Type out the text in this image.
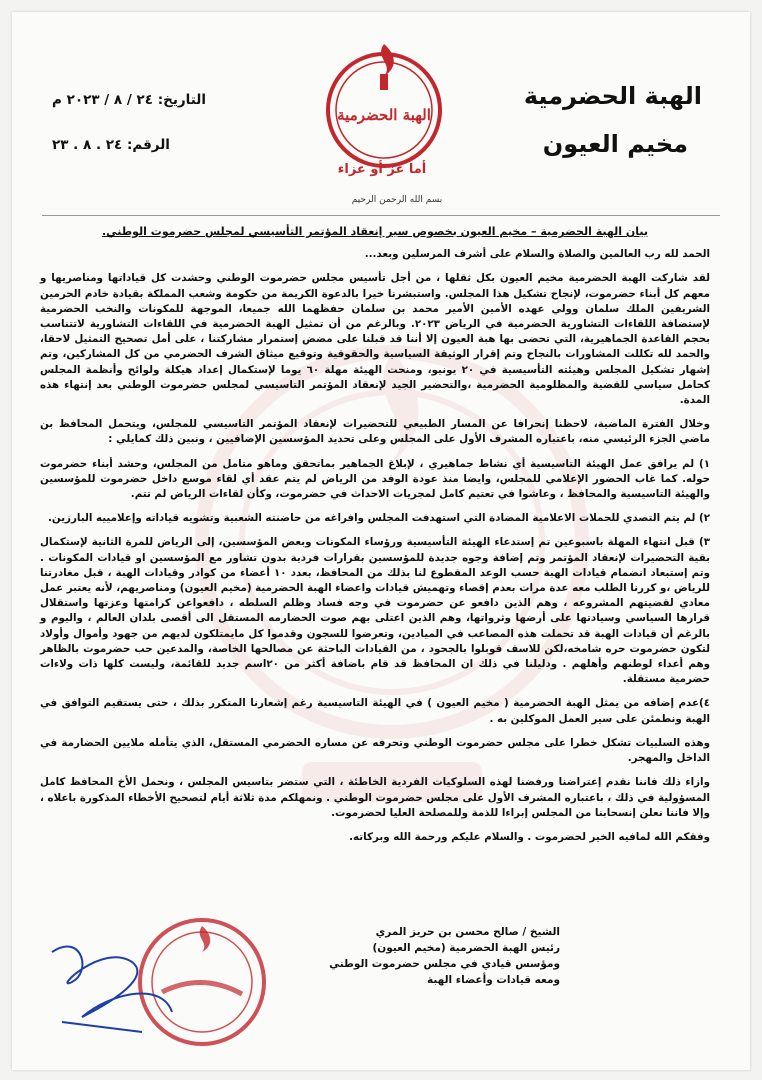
الهبة الحضرمية
مخيم العيون
التاريخ: ٢٤ / ٨ / ٢٠٢٣ م
الرقم: ٢٤ . ٨ . ٢٣
الهبة الحضرمية
أما عز أو عزاء
بسم الله الرحمن الرحيم
بيان الهبة الحضرمية – مخيم العيون بخصوص سير إنعقاد المؤتمر التأسيسي لمجلس حضرموت الوطني.

الحمد لله رب العالمين والصلاة والسلام على أشرف المرسلين وبعد...

لقد شاركت الهبة الحضرمية مخيم العيون بكل ثقلها ، من أجل تأسيس مجلس حضرموت الوطني وحشدت كل قياداتها ومناصريها و معهم كل أبناء حضرموت، لإنجاح تشكيل هذا المجلس. واستبشرنا خيرا بالدعوة الكريمة من حكومة وشعب المملكة بقيادة خادم الحرمين الشريفين الملك سلمان وولي عهده الأمين الأمير محمد بن سلمان حفظهما الله جميعا، الموجهة للمكونات والنخب الحضرمية لإستضافة اللقاءات التشاورية الحضرمية في الرياض ٢٠٢٣. وبالرغم من أن تمثيل الهبة الحضرمية في اللقاءات التشاورية لاتتناسب بحجم القاعدة الجماهيرية، التي تحضى بها هبة العيون إلا أننا قد قبلنا على مضض إستمرار مشاركتنا ، على أمل تصحيح التمثيل لاحقا، والحمد لله تكللت المشاورات بالنجاح وتم إقرار الوثيقة السياسية والحقوقية وتوقيع ميثاق الشرف الحضرمي من كل المشاركين، وتم إشهار تشكيل المجلس وهيئته التأسيسية في ٢٠ يونيو، ومنحت الهيئة مهلة ٦٠ يوما لإستكمال إعداد هيكلة ولوائح وأنظمة المجلس كحامل سياسي للقضية والمظلومية الحضرمية ،والتحضير الجيد لإنعقاد المؤتمر التاسيسي لمجلس حضرموت الوطني بعد إنتهاء هذه المدة.

وخلال الفترة الماضية، لاحظنا إنحرافا عن المسار الطبيعي للتحضيرات لإنعقاد المؤتمر التاسيسي للمجلس، ويتحمل المحافظ بن ماضي الجزء الرئيسي منه، باعتباره المشرف الأول على المجلس وعلى تحديد المؤسسين الإضافيين ، ونبين ذلك كمايلي :

١) لم يرافق عمل الهيئة التاسيسية أي نشاط جماهيري ، لإبلاغ الجماهير بماتحقق وماهو متامل من المجلس، وحشد أبناء حضرموت حوله. كما غاب الحضور الإعلامي للمجلس، وايضا منذ عودة الوفد من الرياض لم يتم عقد أي لقاء موسع داخل حضرموت للمؤسسين والهيئة التاسيسية والمحافظ ، وعاشوا في تعتيم كامل لمجريات الاحداث في حضرموت، وكأن لقاءات الرياض لم تتم.

٢) لم يتم التصدي للحملات الاعلامية المضادة التي استهدفت المجلس وافراغه من حاضنته الشعبية وتشويه قياداته وإعلامييه البارزين.

٣) قبل انتهاء المهلة باسبوعين تم إستدعاء الهيئة التأسيسية ورؤساء المكونات وبعض المؤسسين، إلى الرياض للمرة الثانية لإستكمال بقية التحضيرات لإنعقاد المؤتمر وتم إضافة وجوه جديدة للمؤسسين بقرارات فردية بدون تشاور مع المؤسسين او قيادات المكونات . وتم إستبعاد انضمام قيادات الهبة حسب الوعد المقطوع لنا بذلك من المحافظ، بعدد ١٠ أعضاء من كوادر وقيادات الهبة ، قبل مغادرتنا للرياض ،و كررنا الطلب معه عدة مرات بعدم إقصاء وتهميش قيادات واعضاء الهبة الحضرمية (مخيم العيون) ومناصريهم، لأنه يعتبر عمل معادي لقضيتهم المشروعه ، وهم الذين دافعو عن حضرموت في وجه فساد وظلم السلطه ، دافعواعن كرامتها وعزتها واستقلال قرارها السياسي وسيادتها على أرضها وثرواتها، وهم الذين اعتلى بهم صوت الحضارمه المستقل الى أقصى بلدان العالم ، واليوم و بالرغم أن قيادات الهبة قد تحملت هذه المصاعب في الميادين، وتعرضوا للسجون وقدموا كل مايمتلكون لديهم من جهود وأموال وأولاد لتكون حضرموت حره شامخه،لكن للاسف قوبلوا بالجحود ، من القيادات الباحثة عن مصالحها الخاصة، والمدعين حب حضرموت بالظاهر وهم أعداء لوطنهم وأهلهم . ودليلنا في ذلك ان المحافظ قد قام باضافة أكثر من ٢٠اسم جديد للقائمة، وليست كلها ذات ولاءات حضرمية مستقلة.

٤)عدم إضافه من يمثل الهبة الحضرمية ( مخيم العيون ) في الهيئة التاسيسية رغم إشعارنا المتكرر بذلك ، حتى يستقيم التوافق في الهبة ونطمئن على سير العمل الموكلين به .

وهذه السلبيات تشكل خطرا على مجلس حضرموت الوطني وتحرفه عن مساره الحضرمي المستقل، الذي يتأمله ملايين الحضارمة في الداخل والمهجر.

وازاء ذلك فاننا نقدم إعتراضنا ورفضنا لهذه السلوكيات الفردية الخاطئة ، التي ستضر بتاسيس المجلس ، ونحمل الأخ المحافظ كامل المسؤولية في ذلك ، باعتباره المشرف الأول على مجلس حضرموت الوطني . ونمهلكم مدة ثلاثة أيام لتصحيح الأخطاء المذكورة باعلاه ، وإلا فاننا نعلن إنسحابنا من المجلس إبراءا للذمة وللمصلحة العليا لحضرموت.

وفقكم الله لمافيه الخير لحضرموت . والسلام عليكم ورحمة الله وبركاته.

الشيخ / صالح محسن بن حريز المري
رئيس الهبة الحضرمية (مخيم العيون)
ومؤسس قيادي في مجلس حضرموت الوطني
ومعه قيادات وأعضاء الهبة
